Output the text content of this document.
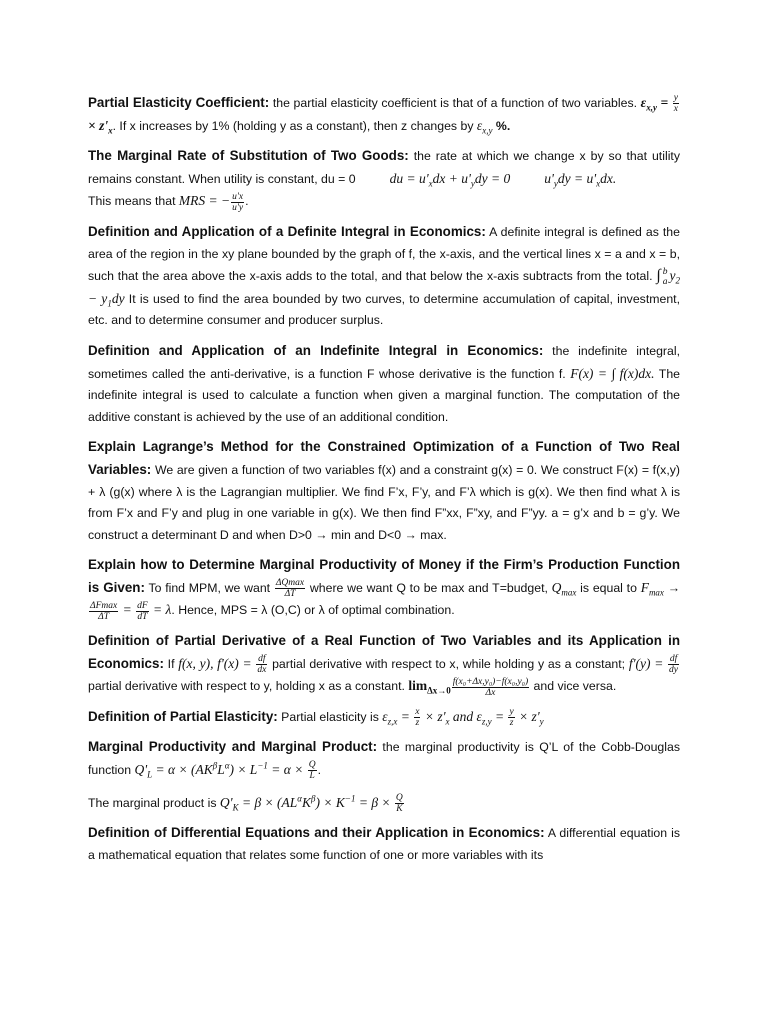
Partial Elasticity Coefficient: the partial elasticity coefficient is that of a function of two variables. $\varepsilon_{x,y} = \frac{y}{x}$
× $z'_x$. If x increases by 1% (holding y as a constant), then z changes by $\varepsilon_{x,y}$ %.

The Marginal Rate of Substitution of Two Goods: the rate at which we change x by so that utility remains constant. When utility is constant, du = 0	du = $u'_xdx + u'_ydy = 0$	$u'_ydy = u'_xdx$.
This means that MRS = − $\frac{u'x}{u'y}$ .

Definition and Application of a Definite Integral in Economics: A definite integral is defined as the area of the region in the xy plane bounded by the graph of f, the x-axis, and the vertical lines x = a and x = b, such that the area above the x-axis adds to the total, and that below the x-axis subtracts from the total. ∫ b
a $y_2 - y_1dy$ It is used to find the area bounded by two curves, to determine accumulation of capital, investment, etc. and to determine consumer and producer surplus.

Definition and Application of an Indefinite Integral in Economics: the indefinite integral, sometimes called the anti-derivative, is a function F whose derivative is the function f. F(x) = ∫ f(x)dx. The indefinite integral is used to calculate a function when given a marginal function. The computation of the additive constant is achieved by the use of an additional condition.

Explain Lagrange’s Method for the Constrained Optimization of a Function of Two Real Variables: We are given a function of two variables f(x) and a constraint g(x) = 0. We construct F(x) = f(x,y) + λ (g(x) where λ is the Lagrangian multiplier. We find F’x, F’y, and F’λ which is g(x). We then find what λ is from F’x and F’y and plug in one variable in g(x). We then find F”xx, F”xy, and F”yy. a = g’x and b = g’y. We construct a determinant D and when D>0 → min and D<0 → max.

Explain how to Determine Marginal Productivity of Money if the Firm’s Production Function is Given: To find MPM, we want $\frac{\Delta Qmax}{\Delta T}$ where we want Q to be max and T=budget, $Q_{max}$ is equal to $F_{max}$ →
$\frac{\Delta Fmax}{\Delta T} = \frac{dF}{dT} = \lambda$. Hence, MPS = λ (O,C) or λ of optimal combination.

Definition of Partial Derivative of a Real Function of Two Variables and its Application in Economics: If f(x, y), $f'(x) = \frac{df}{dx}$ partial derivative with respect to x, while holding y as a constant; $f'(y) = \frac{df}{dy}$
partial derivative with respect to y, holding x as a constant. $\lim_{\Delta x\to 0} \frac{\text{f(x₀+Δx,y₀)−f(x₀,y₀)}}{\Delta x}$ and vice versa.

Definition of Partial Elasticity: Partial elasticity is $\varepsilon_{z,x} = \frac{x}{z} \times z'_x$ and $\varepsilon_{z,y} = \frac{y}{z} \times z'_y$

Marginal Productivity and Marginal Product: the marginal productivity is Q’L of the Cobb-Douglas function $Q'_L = \alpha \times (AK^\beta L^\alpha) \times L^{-1} = \alpha \times \frac{Q}{L}$ .
The marginal product is $Q'_K = \beta \times (AL^\alpha K^\beta) \times K^{-1} = \beta \times \frac{Q}{K}$

Definition of Differential Equations and their Application in Economics: A differential equation is a mathematical equation that relates some function of one or more variables with its
